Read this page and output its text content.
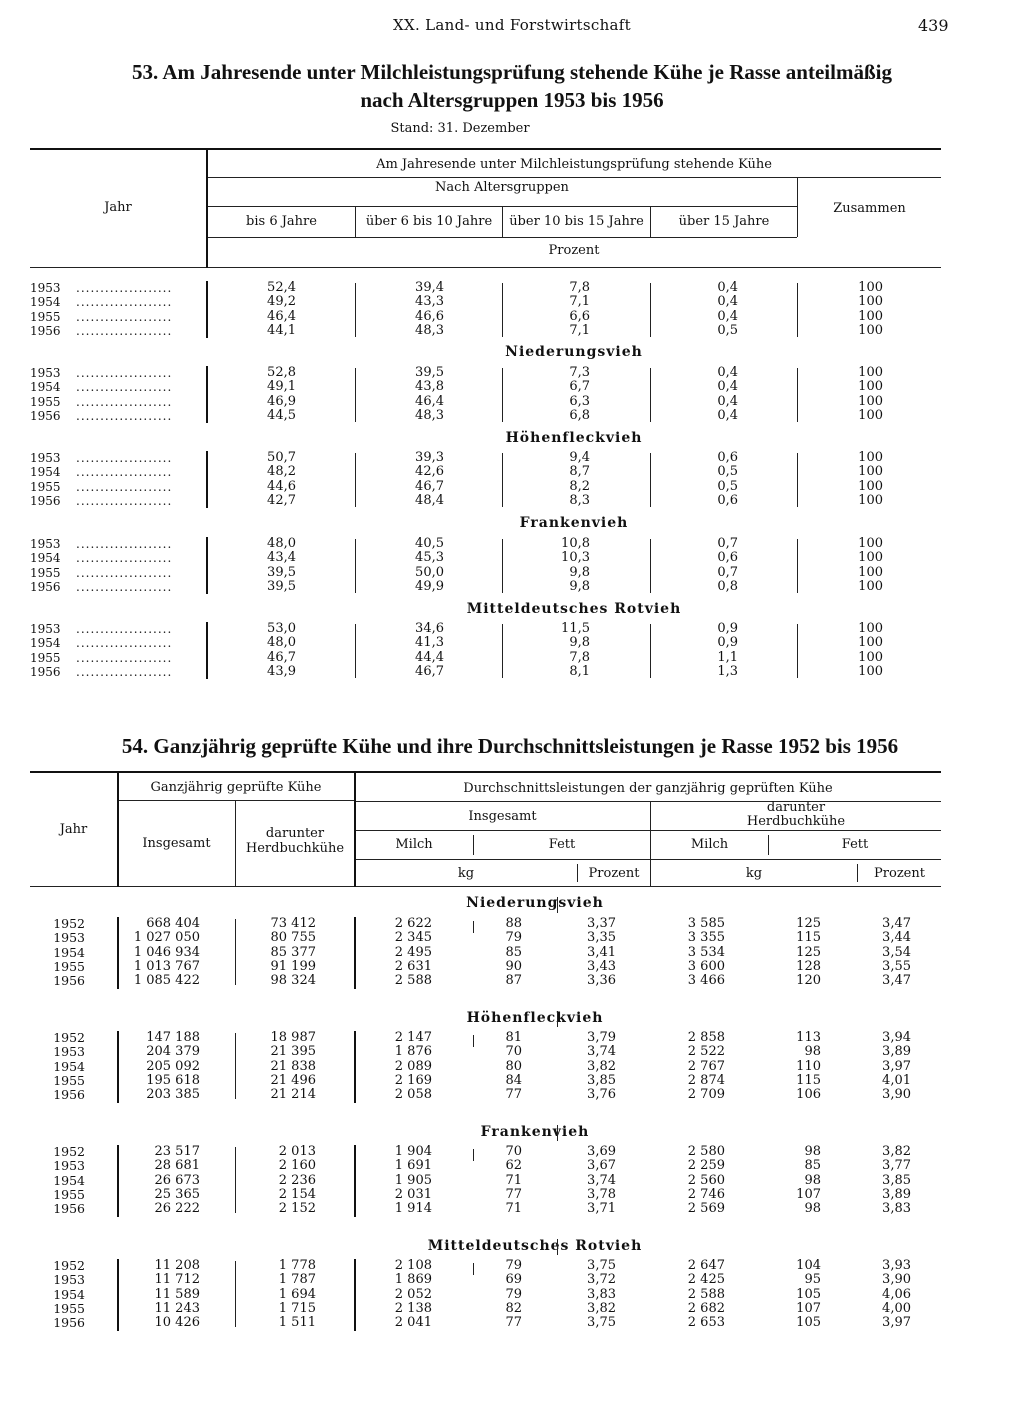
XX. Land- und Forstwirtschaft	439
53. Am Jahresende unter Milchleistungsprüfung stehende Kühe je Rasse anteilmäßig
nach Altersgruppen 1953 bis 1956
Stand: 31. Dezember
Jahr
Am Jahresende unter Milchleistungsprüfung stehende Kühe
Nach Altersgruppen
bis 6 Jahre	über 6 bis 10 Jahre	über 10 bis 15 Jahre	über 15 Jahre
Zusammen
Prozent
1953 ....................	52,4	39,4	7,8	0,4	100
1954 ....................	49,2	43,3	7,1	0,4	100
1955 ....................	46,4	46,6	6,6	0,4	100
1956 ....................	44,1	48,3	7,1	0,5	100
Niederungsvieh
1953 ....................	52,8	39,5	7,3	0,4	100
1954 ....................	49,1	43,8	6,7	0,4	100
1955 ....................	46,9	46,4	6,3	0,4	100
1956 ....................	44,5	48,3	6,8	0,4	100
Höhenfleckvieh
1953 ....................	50,7	39,3	9,4	0,6	100
1954 ....................	48,2	42,6	8,7	0,5	100
1955 ....................	44,6	46,7	8,2	0,5	100
1956 ....................	42,7	48,4	8,3	0,6	100
Frankenvieh
1953 ....................	48,0	40,5	10,8	0,7	100
1954 ....................	43,4	45,3	10,3	0,6	100
1955 ....................	39,5	50,0	9,8	0,7	100
1956 ....................	39,5	49,9	9,8	0,8	100
Mitteldeutsches Rotvieh
1953 ....................	53,0	34,6	11,5	0,9	100
1954 ....................	48,0	41,3	9,8	0,9	100
1955 ....................	46,7	44,4	7,8	1,1	100
1956 ....................	43,9	46,7	8,1	1,3	100
54. Ganzjährig geprüfte Kühe und ihre Durchschnittsleistungen je Rasse 1952 bis 1956
Jahr
Ganzjährig geprüfte Kühe
Insgesamt
darunter Herdbuchkühe
Durchschnittsleistungen der ganzjährig geprüften Kühe
Insgesamt
darunter
Herdbuchkühe
Milch	Fett	Milch	Fett
kg	Prozent	kg	Prozent
Niederungsvieh
1952	668 404	73 412	2 622	88	3,37	3 585	125	3,47
1953	1 027 050	80 755	2 345	79	3,35	3 355	115	3,44
1954	1 046 934	85 377	2 495	85	3,41	3 534	125	3,54
1955	1 013 767	91 199	2 631	90	3,43	3 600	128	3,55
1956	1 085 422	98 324	2 588	87	3,36	3 466	120	3,47
Höhenfleckvieh
1952	147 188	18 987	2 147	81	3,79	2 858	113	3,94
1953	204 379	21 395	1 876	70	3,74	2 522	98	3,89
1954	205 092	21 838	2 089	80	3,82	2 767	110	3,97
1955	195 618	21 496	2 169	84	3,85	2 874	115	4,01
1956	203 385	21 214	2 058	77	3,76	2 709	106	3,90
Frankenvieh
1952	23 517	2 013	1 904	70	3,69	2 580	98	3,82
1953	28 681	2 160	1 691	62	3,67	2 259	85	3,77
1954	26 673	2 236	1 905	71	3,74	2 560	98	3,85
1955	25 365	2 154	2 031	77	3,78	2 746	107	3,89
1956	26 222	2 152	1 914	71	3,71	2 569	98	3,83
Mitteldeutsches Rotvieh
1952	11 208	1 778	2 108	79	3,75	2 647	104	3,93
1953	11 712	1 787	1 869	69	3,72	2 425	95	3,90
1954	11 589	1 694	2 052	79	3,83	2 588	105	4,06
1955	11 243	1 715	2 138	82	3,82	2 682	107	4,00
1956	10 426	1 511	2 041	77	3,75	2 653	105	3,97
